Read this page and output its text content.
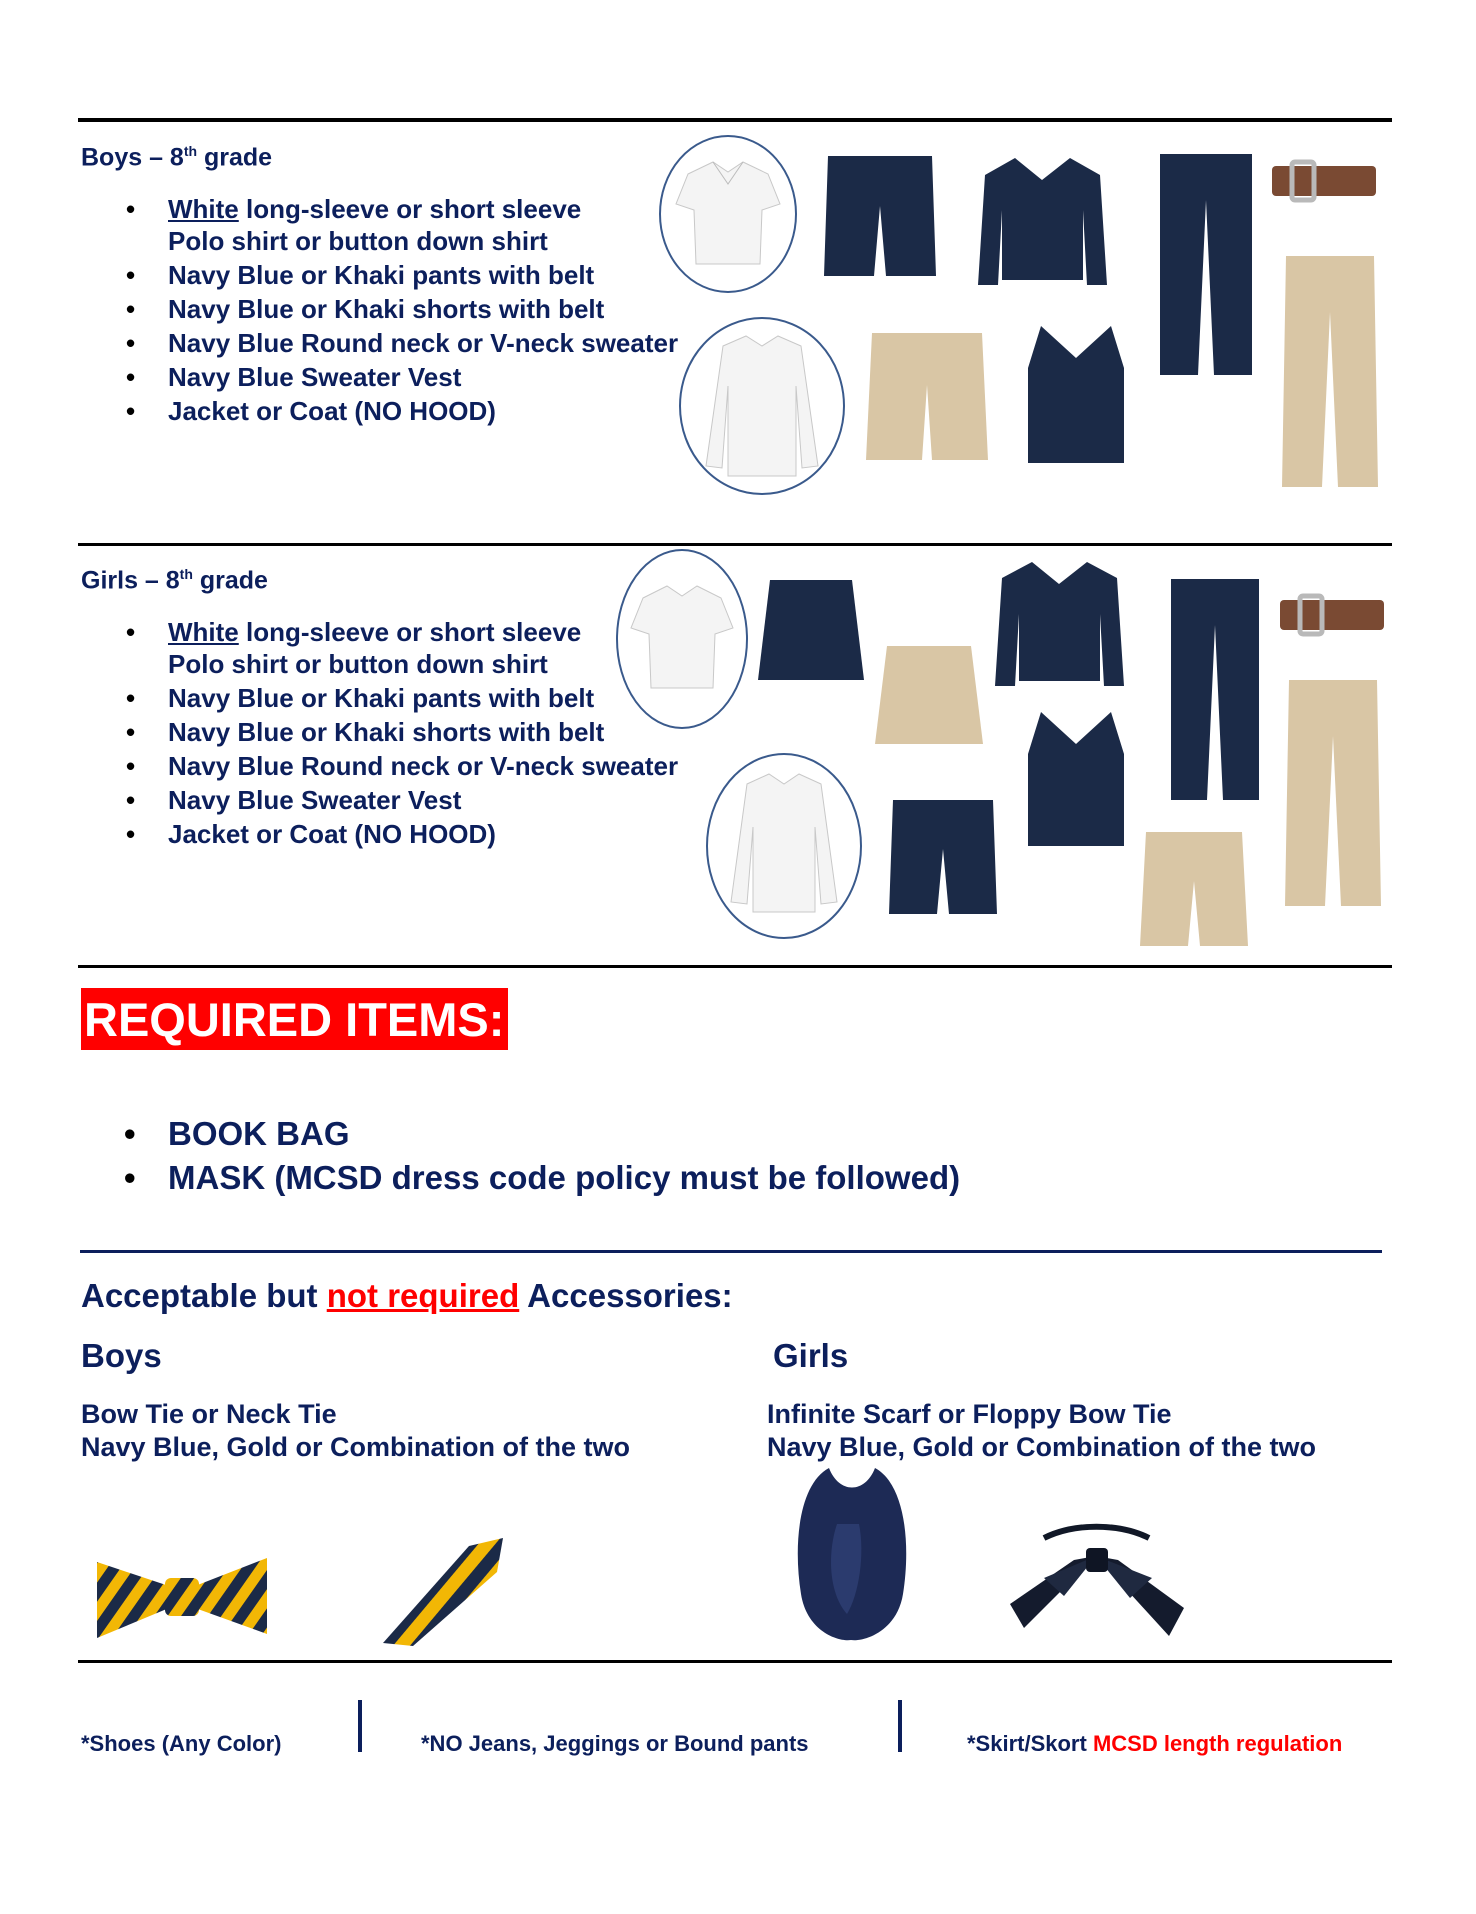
Boys – 8th grade
• White long-sleeve or short sleeve
Polo shirt or button down shirt
• Navy Blue or Khaki pants with belt
• Navy Blue or Khaki shorts with belt
• Navy Blue Round neck or V-neck sweater
• Navy Blue Sweater Vest
• Jacket or Coat (NO HOOD)
Girls – 8th grade
• White long-sleeve or short sleeve
Polo shirt or button down shirt
• Navy Blue or Khaki pants with belt
• Navy Blue or Khaki shorts with belt
• Navy Blue Round neck or V-neck sweater
• Navy Blue Sweater Vest
• Jacket or Coat (NO HOOD)
REQUIRED ITEMS:
• BOOK BAG
• MASK (MCSD dress code policy must be followed)
Acceptable but not required Accessories:
Boys	Girls
Bow Tie or Neck Tie
Navy Blue, Gold or Combination of the two
Infinite Scarf or Floppy Bow Tie
Navy Blue, Gold or Combination of the two
*Shoes (Any Color)	*NO Jeans, Jeggings or Bound pants	*Skirt/Skort MCSD length regulation
